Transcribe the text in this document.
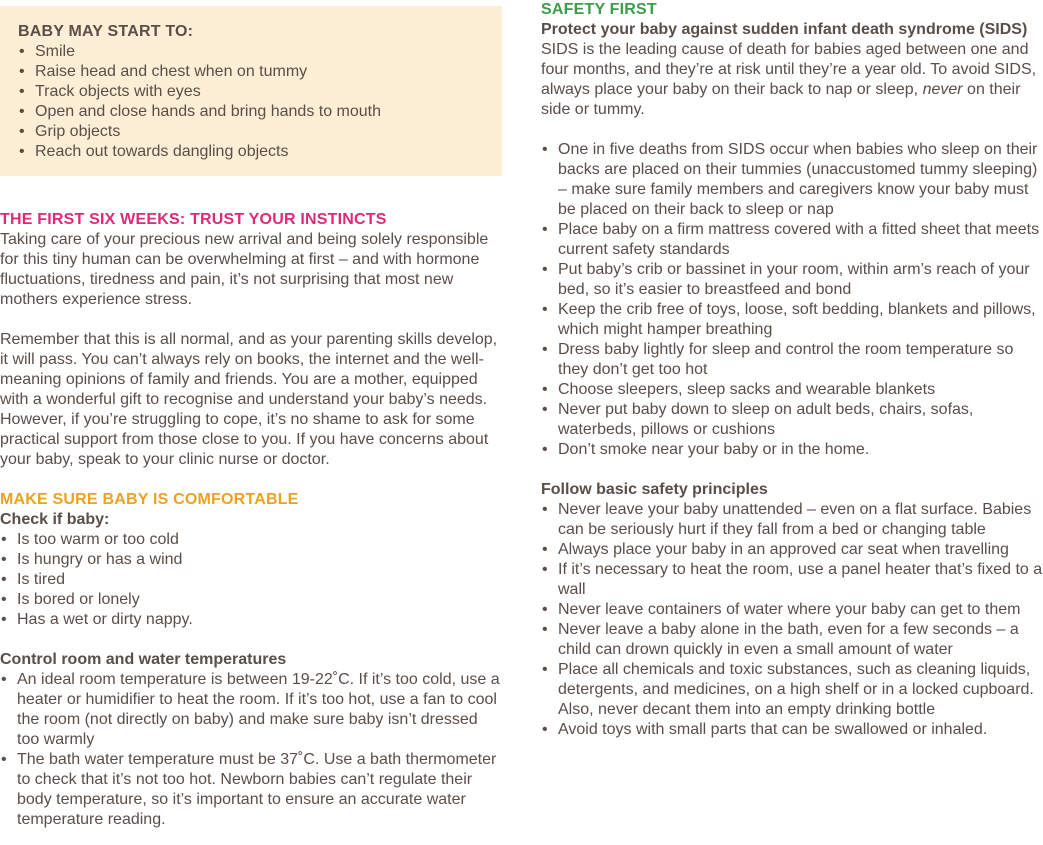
BABY MAY START TO:
• Smile
• Raise head and chest when on tummy
• Track objects with eyes
• Open and close hands and bring hands to mouth
• Grip objects
• Reach out towards dangling objects
THE FIRST SIX WEEKS: TRUST YOUR INSTINCTS

Taking care of your precious new arrival and being solely responsible for this tiny human can be overwhelming at first – and with hormone fluctuations, tiredness and pain, it’s not surprising that most new mothers experience stress.

Remember that this is all normal, and as your parenting skills develop, it will pass. You can’t always rely on books, the internet and the well-meaning opinions of family and friends. You are a mother, equipped with a wonderful gift to recognise and understand your baby’s needs. However, if you’re struggling to cope, it’s no shame to ask for some practical support from those close to you. If you have concerns about your baby, speak to your clinic nurse or doctor.

MAKE SURE BABY IS COMFORTABLE
Check if baby:
• Is too warm or too cold
• Is hungry or has a wind
• Is tired
• Is bored or lonely
• Has a wet or dirty nappy.
Control room and water temperatures
• An ideal room temperature is between 19-22˚C. If it’s too cold, use a heater or humidifier to heat the room. If it’s too hot, use a fan to cool the room (not directly on baby) and make sure baby isn’t dressed too warmly
• The bath water temperature must be 37˚C. Use a bath thermometer to check that it’s not too hot. Newborn babies can’t regulate their body temperature, so it’s important to ensure an accurate water temperature reading.
SAFETY FIRST
Protect your baby against sudden infant death syndrome (SIDS)

SIDS is the leading cause of death for babies aged between one and four months, and they’re at risk until they’re a year old. To avoid SIDS, always place your baby on their back to nap or sleep, never on their side or tummy.

• One in five deaths from SIDS occur when babies who sleep on their backs are placed on their tummies (unaccustomed tummy sleeping) – make sure family members and caregivers know your baby must be placed on their back to sleep or nap
• Place baby on a firm mattress covered with a fitted sheet that meets current safety standards
• Put baby’s crib or bassinet in your room, within arm’s reach of your bed, so it’s easier to breastfeed and bond
• Keep the crib free of toys, loose, soft bedding, blankets and pillows, which might hamper breathing
• Dress baby lightly for sleep and control the room temperature so they don’t get too hot
• Choose sleepers, sleep sacks and wearable blankets
• Never put baby down to sleep on adult beds, chairs, sofas, waterbeds, pillows or cushions
• Don’t smoke near your baby or in the home.
Follow basic safety principles
• Never leave your baby unattended – even on a flat surface. Babies can be seriously hurt if they fall from a bed or changing table
• Always place your baby in an approved car seat when travelling
• If it’s necessary to heat the room, use a panel heater that’s fixed to a wall
• Never leave containers of water where your baby can get to them
• Never leave a baby alone in the bath, even for a few seconds – a child can drown quickly in even a small amount of water
• Place all chemicals and toxic substances, such as cleaning liquids, detergents, and medicines, on a high shelf or in a locked cupboard. Also, never decant them into an empty drinking bottle
• Avoid toys with small parts that can be swallowed or inhaled.
